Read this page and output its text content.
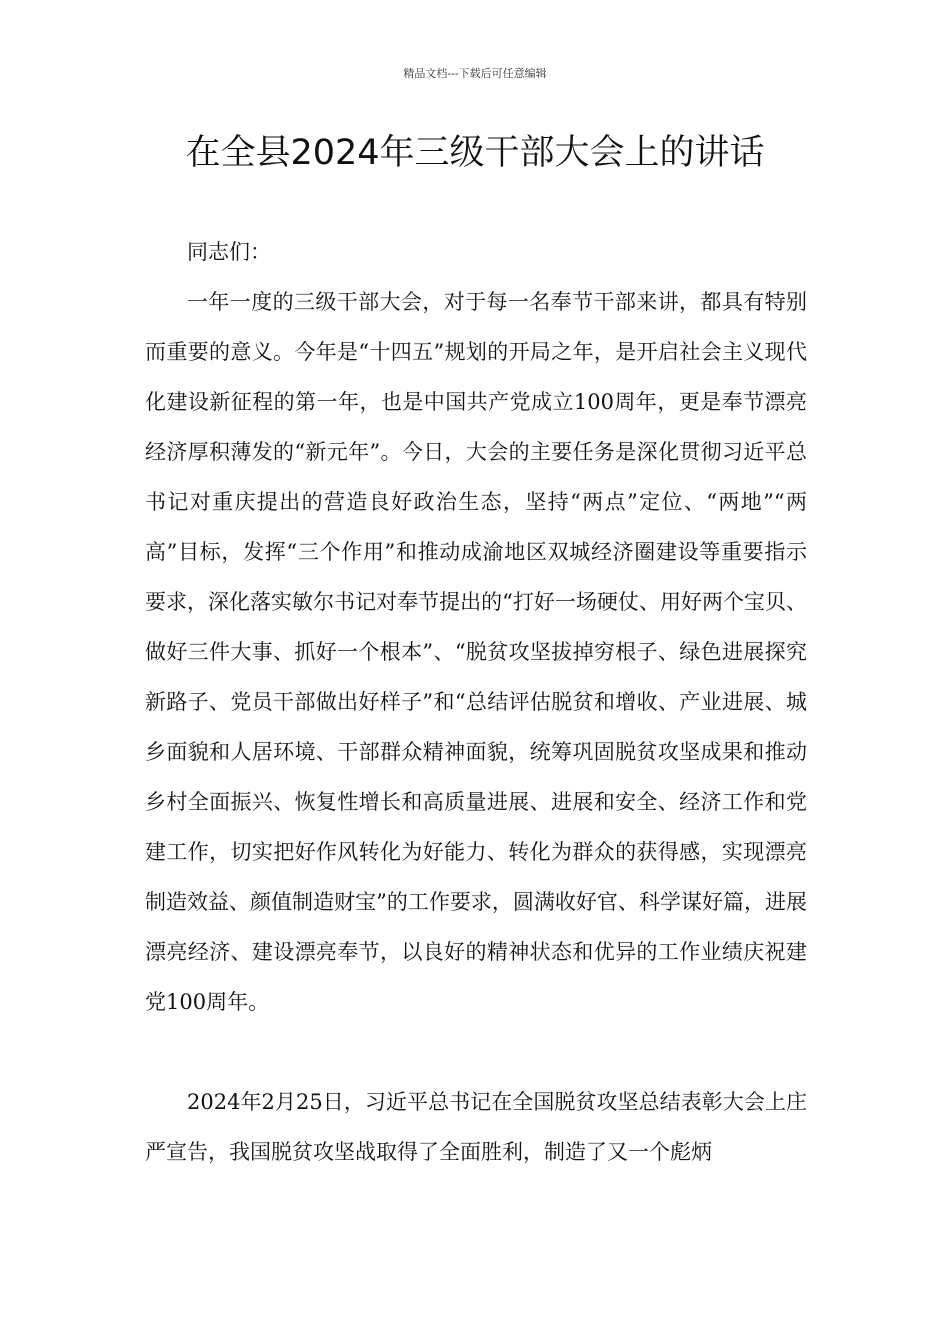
精品文档---下载后可任意编辑
在全县2024年三级干部大会上的讲话

同志们：

一年一度的三级干部大会，对于每一名奉节干部来讲，都具有特别而重要的意义。今年是“十四五”规划的开局之年，是开启社会主义现代化建设新征程的第一年，也是中国共产党成立100周年，更是奉节漂亮经济厚积薄发的“新元年”。今日，大会的主要任务是深化贯彻习近平总书记对重庆提出的营造良好政治生态，坚持“两点”定位、“两地”“两高”目标，发挥“三个作用”和推动成渝地区双城经济圈建设等重要指示要求，深化落实敏尔书记对奉节提出的“打好一场硬仗、用好两个宝贝、做好三件大事、抓好一个根本”、“脱贫攻坚拔掉穷根子、绿色进展探究新路子、党员干部做出好样子”和“总结评估脱贫和增收、产业进展、城乡面貌和人居环境、干部群众精神面貌，统筹巩固脱贫攻坚成果和推动乡村全面振兴、恢复性增长和高质量进展、进展和安全、经济工作和党建工作，切实把好作风转化为好能力、转化为群众的获得感，实现漂亮制造效益、颜值制造财宝”的工作要求，圆满收好官、科学谋好篇，进展漂亮经济、建设漂亮奉节，以良好的精神状态和优异的工作业绩庆祝建党100周年。

2024年2月25日，习近平总书记在全国脱贫攻坚总结表彰大会上庄严宣告，我国脱贫攻坚战取得了全面胜利，制造了又一个彪炳
